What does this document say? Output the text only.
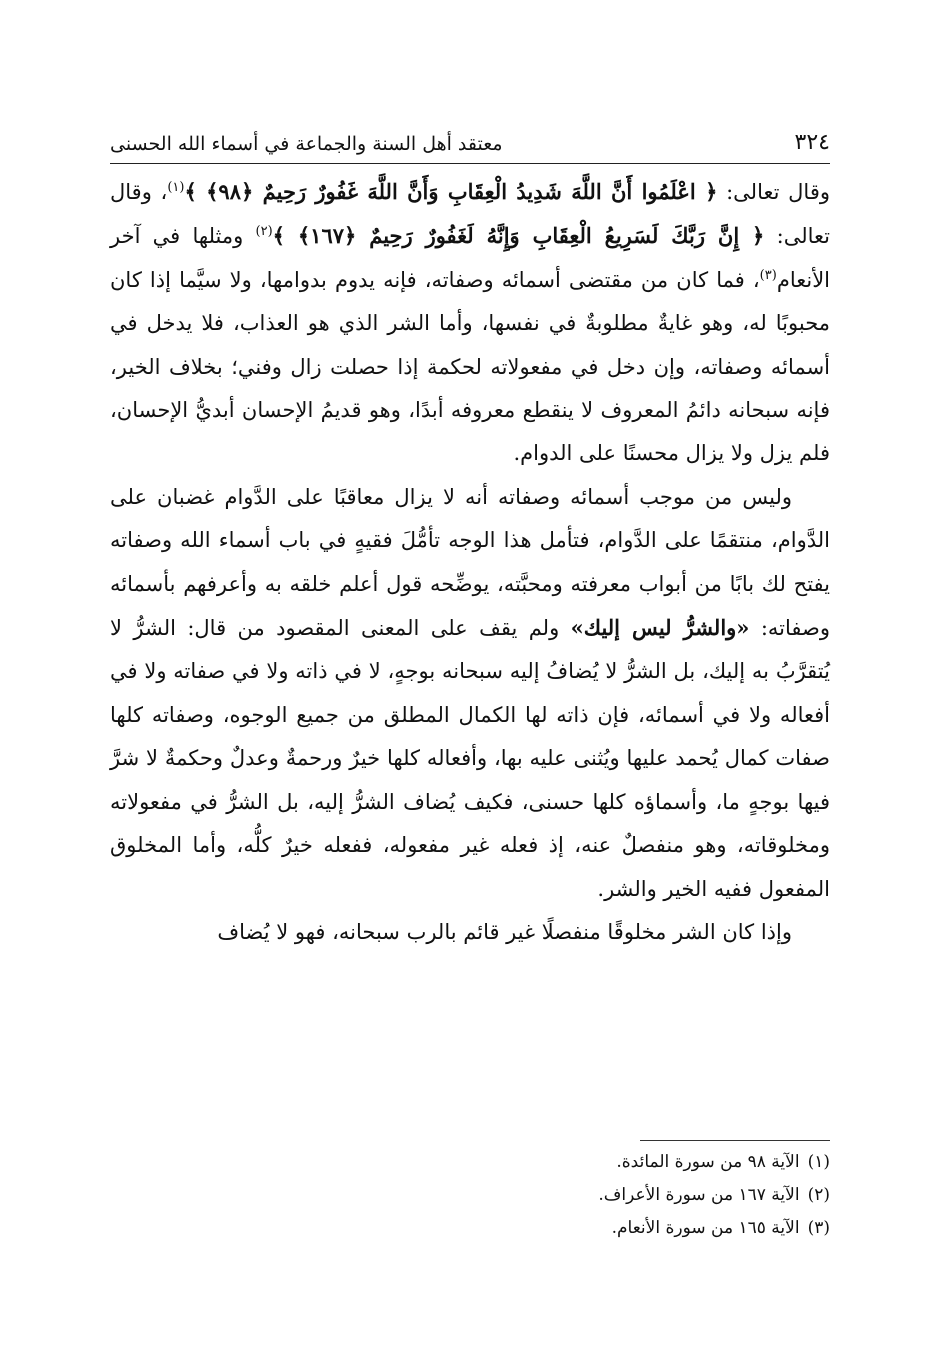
٣٢٤
معتقد أهل السنة والجماعة في أسماء الله الحسنى

وقال تعالى: ﴿ اعْلَمُوا أَنَّ اللَّهَ شَدِيدُ الْعِقَابِ وَأَنَّ اللَّهَ غَفُورٌ رَحِيمٌ ﴿٩٨﴾ ﴾$^{(١)}$، وقال تعالى: ﴿ إِنَّ رَبَّكَ لَسَرِيعُ الْعِقَابِ وَإِنَّهُ لَغَفُورٌ رَحِيمٌ ﴿١٦٧﴾ ﴾$^{(٢)}$ ومثلها في آخر الأنعام$^{(٣)}$، فما كان من مقتضى أسمائه وصفاته، فإنه يدوم بدوامها، ولا سيَّما إذا كان محبوبًا له، وهو غايةٌ مطلوبةٌ في نفسها، وأما الشر الذي هو العذاب، فلا يدخل في أسمائه وصفاته، وإن دخل في مفعولاته لحكمة إذا حصلت زال وفني؛ بخلاف الخير، فإنه سبحانه دائمُ المعروف لا ينقطع معروفه أبدًا، وهو قديمُ الإحسان أبديُّ الإحسان، فلم يزل ولا يزال محسنًا على الدوام.

وليس من موجب أسمائه وصفاته أنه لا يزال معاقبًا على الدَّوام غضبان على الدَّوام، منتقمًا على الدَّوام، فتأمل هذا الوجه تأمُّلَ فقيهٍ في باب أسماء الله وصفاته يفتح لك بابًا من أبواب معرفته ومحبَّته، يوضِّحه قول أعلم خلقه به وأعرفهم بأسمائه وصفاته: «والشرُّ ليس إليك» ولم يقف على المعنى المقصود من قال: الشرُّ لا يُتقرَّبُ به إليك، بل الشرُّ لا يُضافُ إليه سبحانه بوجهٍ، لا في ذاته ولا في صفاته ولا في أفعاله ولا في أسمائه، فإن ذاته لها الكمال المطلق من جميع الوجوه، وصفاته كلها صفات كمال يُحمد عليها ويُثنى عليه بها، وأفعاله كلها خيرٌ ورحمةٌ وعدلٌ وحكمةٌ لا شرَّ فيها بوجهٍ ما، وأسماؤه كلها حسنى، فكيف يُضاف الشرُّ إليه، بل الشرُّ في مفعولاته ومخلوقاته، وهو منفصلٌ عنه، إذ فعله غير مفعوله، ففعله خيرٌ كلُّه، وأما المخلوق المفعول ففيه الخير والشر.

وإذا كان الشر مخلوقًا منفصلًا غير قائم بالرب سبحانه، فهو لا يُضاف

(١)الآية ٩٨ من سورة المائدة.
(٢)الآية ١٦٧ من سورة الأعراف.
(٣)الآية ١٦٥ من سورة الأنعام.
